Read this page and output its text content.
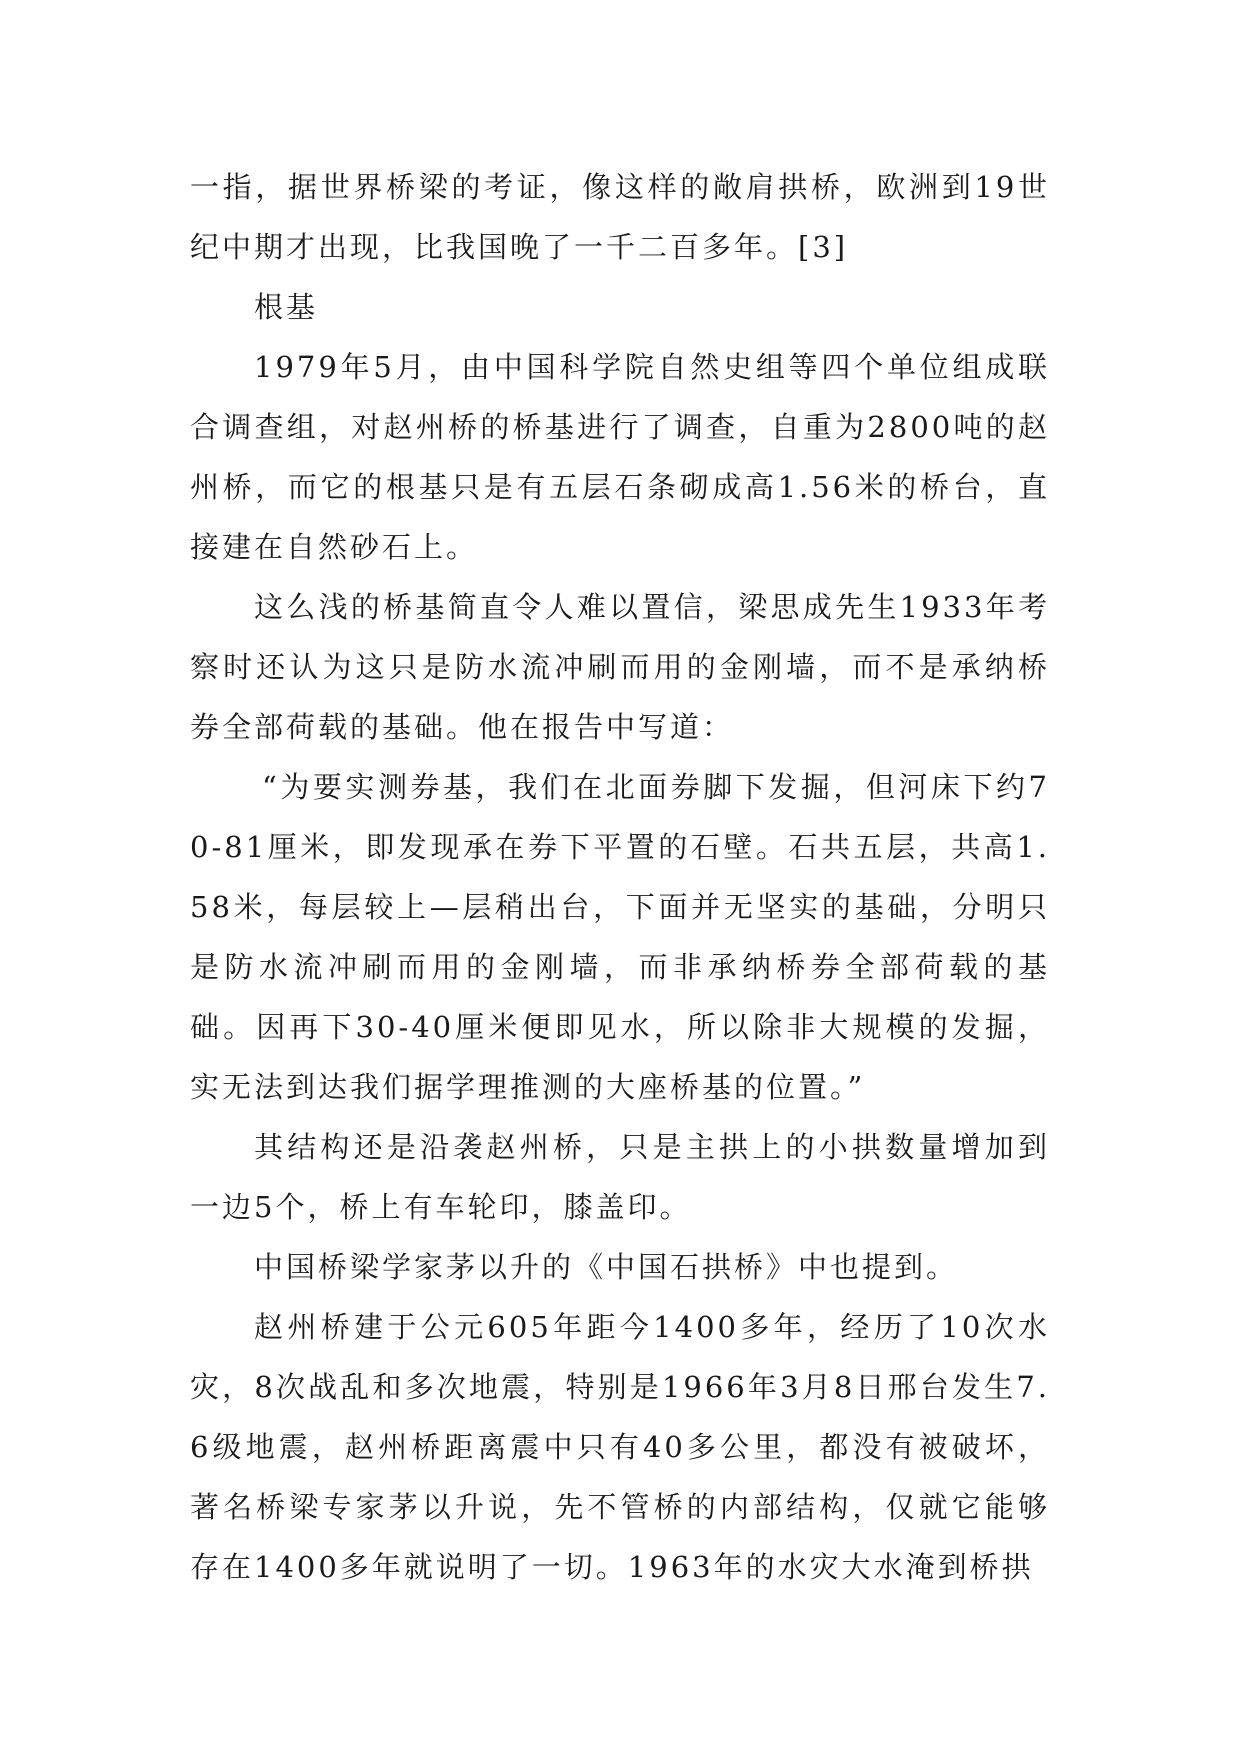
一指，据世界桥梁的考证，像这样的敞肩拱桥，欧洲到19世纪中期才出现，比我国晚了一千二百多年。[3]

根基

1979年5月，由中国科学院自然史组等四个单位组成联合调查组，对赵州桥的桥基进行了调查，自重为2800吨的赵州桥，而它的根基只是有五层石条砌成高1.56米的桥台，直接建在自然砂石上。

这么浅的桥基简直令人难以置信，梁思成先生1933年考察时还认为这只是防水流冲刷而用的金刚墙，而不是承纳桥券全部荷载的基础。他在报告中写道：

“为要实测券基，我们在北面券脚下发掘，但河床下约70-81厘米，即发现承在券下平置的石壁。石共五层，共高1.58米，每层较上—层稍出台，下面并无坚实的基础，分明只是防水流冲刷而用的金刚墙，而非承纳桥券全部荷载的基础。因再下30-40厘米便即见水，所以除非大规模的发掘，实无法到达我们据学理推测的大座桥基的位置。”

其结构还是沿袭赵州桥，只是主拱上的小拱数量增加到一边5个，桥上有车轮印，膝盖印。

中国桥梁学家茅以升的《中国石拱桥》中也提到。

赵州桥建于公元605年距今1400多年，经历了10次水灾，8次战乱和多次地震，特别是1966年3月8日邢台发生7.6级地震，赵州桥距离震中只有40多公里，都没有被破坏，著名桥梁专家茅以升说，先不管桥的内部结构，仅就它能够存在1400多年就说明了一切。1963年的水灾大水淹到桥拱
